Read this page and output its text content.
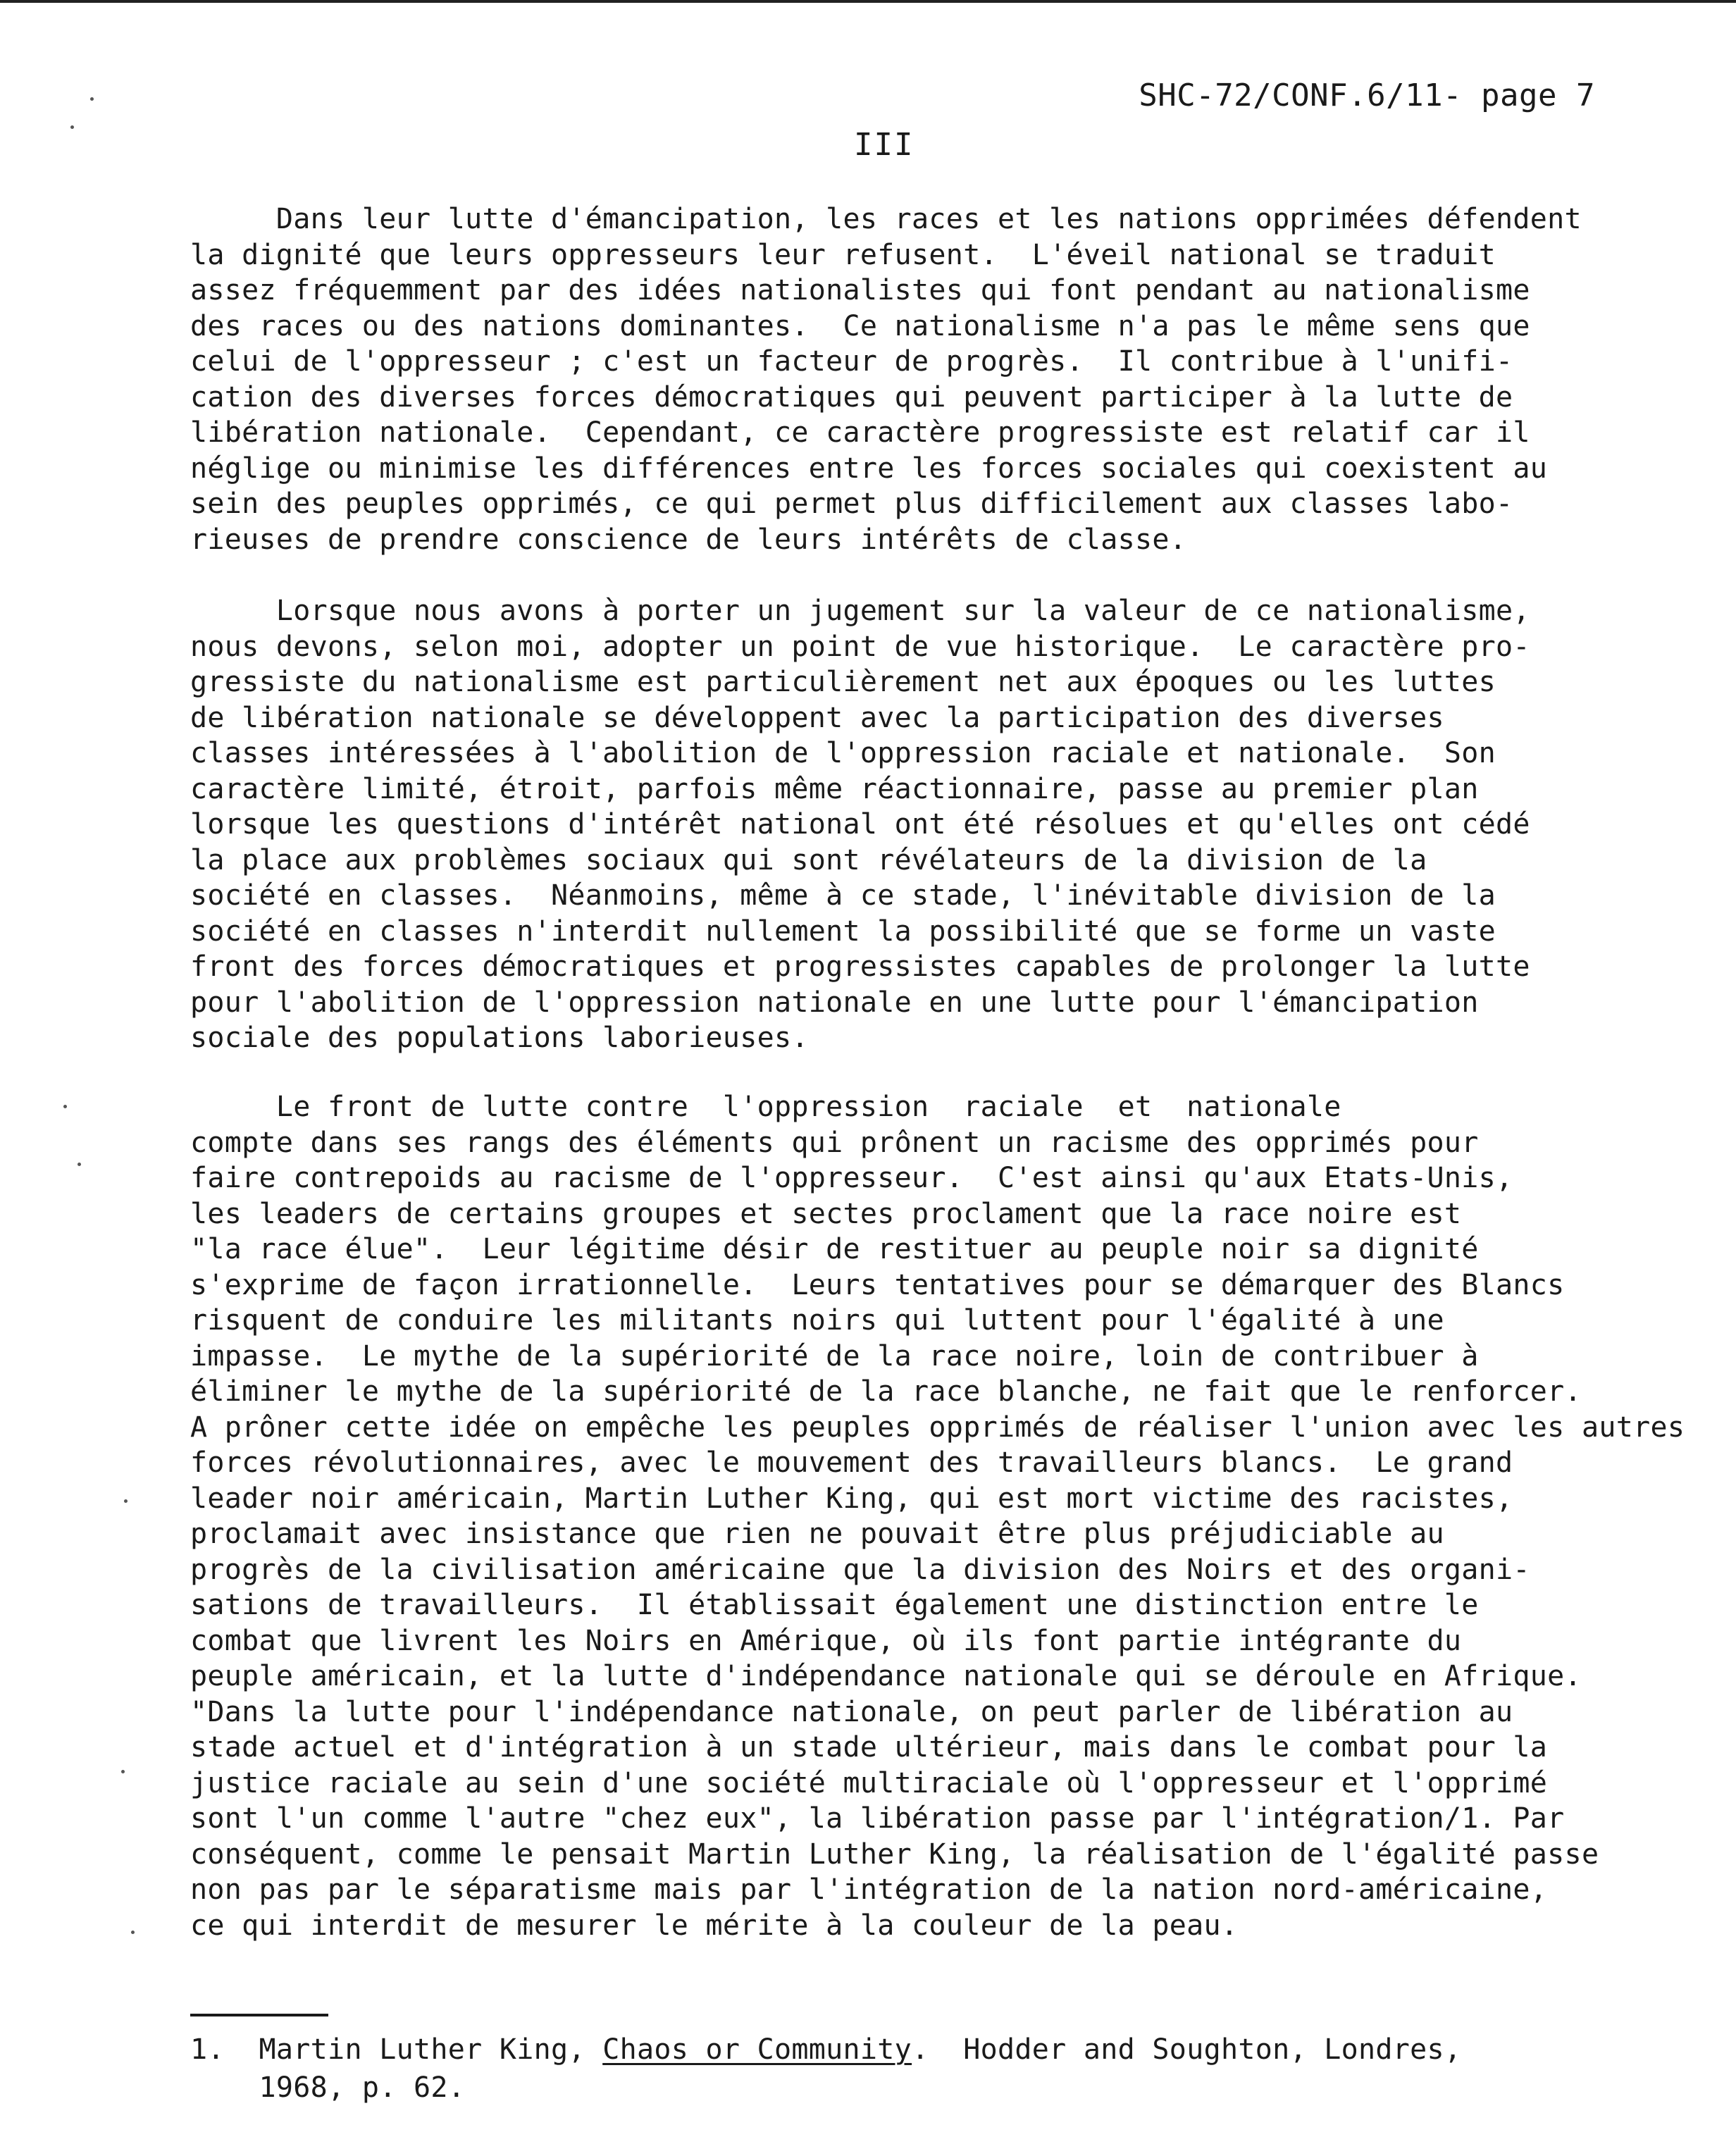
SHC-72/CONF.6/11- page 7
III
Dans leur lutte d'émancipation, les races et les nations opprimées défendent
la dignité que leurs oppresseurs leur refusent.  L'éveil national se traduit
assez fréquemment par des idées nationalistes qui font pendant au nationalisme
des races ou des nations dominantes.  Ce nationalisme n'a pas le même sens que
celui de l'oppresseur ; c'est un facteur de progrès.  Il contribue à l'unifi-
cation des diverses forces démocratiques qui peuvent participer à la lutte de
libération nationale.  Cependant, ce caractère progressiste est relatif car il
néglige ou minimise les différences entre les forces sociales qui coexistent au
sein des peuples opprimés, ce qui permet plus difficilement aux classes labo-
rieuses de prendre conscience de leurs intérêts de classe.
Lorsque nous avons à porter un jugement sur la valeur de ce nationalisme,
nous devons, selon moi, adopter un point de vue historique.  Le caractère pro-
gressiste du nationalisme est particulièrement net aux époques ou les luttes
de libération nationale se développent avec la participation des diverses
classes intéressées à l'abolition de l'oppression raciale et nationale.  Son
caractère limité, étroit, parfois même réactionnaire, passe au premier plan
lorsque les questions d'intérêt national ont été résolues et qu'elles ont cédé
la place aux problèmes sociaux qui sont révélateurs de la division de la
société en classes.  Néanmoins, même à ce stade, l'inévitable division de la
société en classes n'interdit nullement la possibilité que se forme un vaste
front des forces démocratiques et progressistes capables de prolonger la lutte
pour l'abolition de l'oppression nationale en une lutte pour l'émancipation
sociale des populations laborieuses.
Le front de lutte contre  l'oppression  raciale  et  nationale
compte dans ses rangs des éléments qui prônent un racisme des opprimés pour
faire contrepoids au racisme de l'oppresseur.  C'est ainsi qu'aux Etats-Unis,
les leaders de certains groupes et sectes proclament que la race noire est
"la race élue".  Leur légitime désir de restituer au peuple noir sa dignité
s'exprime de façon irrationnelle.  Leurs tentatives pour se démarquer des Blancs
risquent de conduire les militants noirs qui luttent pour l'égalité à une
impasse.  Le mythe de la supériorité de la race noire, loin de contribuer à
éliminer le mythe de la supériorité de la race blanche, ne fait que le renforcer.
A prôner cette idée on empêche les peuples opprimés de réaliser l'union avec les autres
forces révolutionnaires, avec le mouvement des travailleurs blancs.  Le grand
leader noir américain, Martin Luther King, qui est mort victime des racistes,
proclamait avec insistance que rien ne pouvait être plus préjudiciable au
progrès de la civilisation américaine que la division des Noirs et des organi-
sations de travailleurs.  Il établissait également une distinction entre le
combat que livrent les Noirs en Amérique, où ils font partie intégrante du
peuple américain, et la lutte d'indépendance nationale qui se déroule en Afrique.
"Dans la lutte pour l'indépendance nationale, on peut parler de libération au
stade actuel et d'intégration à un stade ultérieur, mais dans le combat pour la
justice raciale au sein d'une société multiraciale où l'oppresseur et l'opprimé
sont l'un comme l'autre "chez eux", la libération passe par l'intégration/1. Par
conséquent, comme le pensait Martin Luther King, la réalisation de l'égalité passe
non pas par le séparatisme mais par l'intégration de la nation nord-américaine,
ce qui interdit de mesurer le mérite à la couleur de la peau.
1. Martin Luther King, Chaos or Community.  Hodder and Soughton, Londres,
1968, p. 62.
